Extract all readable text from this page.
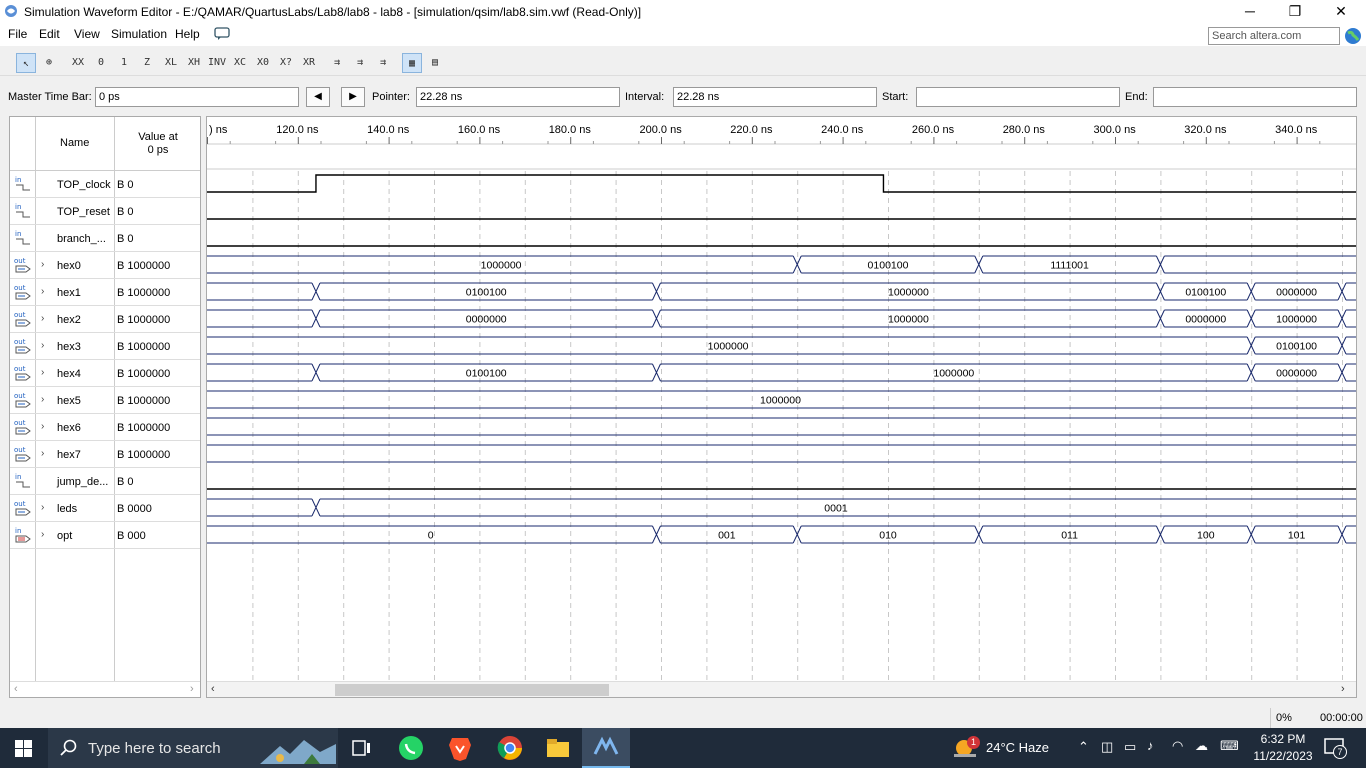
Simulation Waveform Editor - E:/QAMAR/QuartusLabs/Lab8/lab8 - lab8 - [simulation/qsim/lab8.sim.vwf (Read-Only)]	─	❐	✕
File Edit View Simulation Help	Search altera.com
↖	⊕	XX	0	1	Z	XL	XH INV XC	X0	X?	XR	⇉	⇉	⇉	▦	▤
Master Time Bar: 0 ps	◀	▶	Pointer: 22.28 ns	Interval:	22.28 ns	Start:	End:
Name	Value at
0 ps
in	TOP_clock B 0
in	TOP_reset B 0
in	branch_... B 0
out › hex0	B 1000000
out › hex1	B 1000000
out › hex2	B 1000000
out › hex3	B 1000000
out › hex4	B 1000000
out › hex5	B 1000000
out › hex6	B 1000000
out › hex7	B 1000000
in	jump_de... B 0
out › leds	B 0000
in › opt	B 000
‹	›
) ns	120.0 ns	140.0 ns	160.0 ns	180.0 ns	200.0 ns	220.0 ns	240.0 ns	260.0 ns	280.0 ns	300.0 ns	320.0 ns	340.0 ns
1000000	0100100	1111001
0100100	1000000	0100100	0000000
0000000	1000000	0000000	1000000
1000000	0100100
0100100	1000000	0000000
1000000
0001
0	001	010	011	100	101
‹	›
0%	00:00:00
Type here to search	1 24°C Haze ⌃ ◫ ▭ ♪ ◠ ☁ ⌨	6:32 PM
11/22/2023	7
